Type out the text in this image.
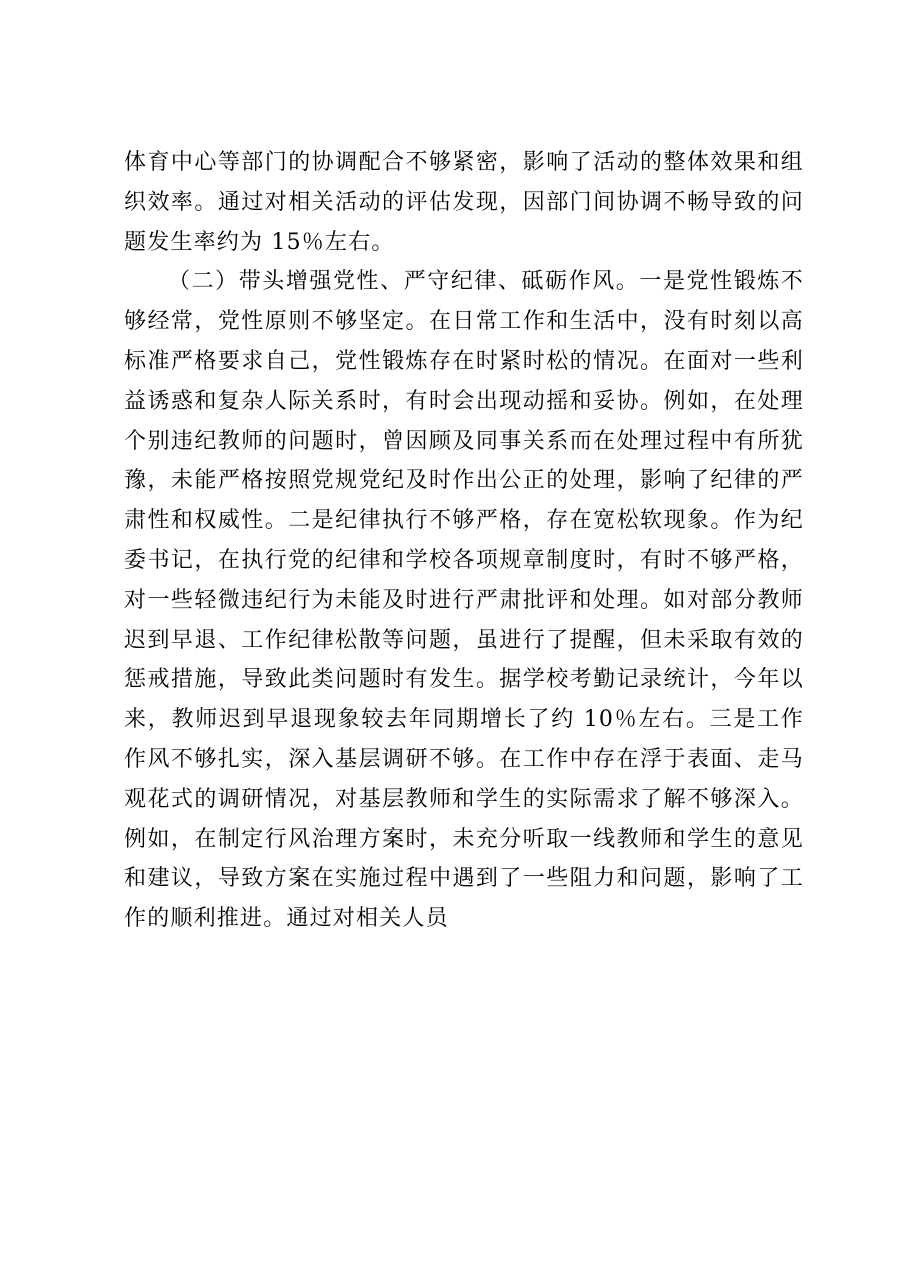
体育中心等部门的协调配合不够紧密，影响了活动的整体效果和组织效率。通过对相关活动的评估发现，因部门间协调不畅导致的问题发生率约为 15％左右。

（二）带头增强党性、严守纪律、砥砺作风。一是党性锻炼不够经常，党性原则不够坚定。在日常工作和生活中，没有时刻以高标准严格要求自己，党性锻炼存在时紧时松的情况。在面对一些利益诱惑和复杂人际关系时，有时会出现动摇和妥协。例如，在处理个别违纪教师的问题时，曾因顾及同事关系而在处理过程中有所犹豫，未能严格按照党规党纪及时作出公正的处理，影响了纪律的严肃性和权威性。二是纪律执行不够严格，存在宽松软现象。作为纪委书记，在执行党的纪律和学校各项规章制度时，有时不够严格，对一些轻微违纪行为未能及时进行严肃批评和处理。如对部分教师迟到早退、工作纪律松散等问题，虽进行了提醒，但未采取有效的惩戒措施，导致此类问题时有发生。据学校考勤记录统计，今年以来，教师迟到早退现象较去年同期增长了约 10％左右。三是工作作风不够扎实，深入基层调研不够。在工作中存在浮于表面、走马观花式的调研情况，对基层教师和学生的实际需求了解不够深入。例如，在制定行风治理方案时，未充分听取一线教师和学生的意见和建议，导致方案在实施过程中遇到了一些阻力和问题，影响了工作的顺利推进。通过对相关人员
